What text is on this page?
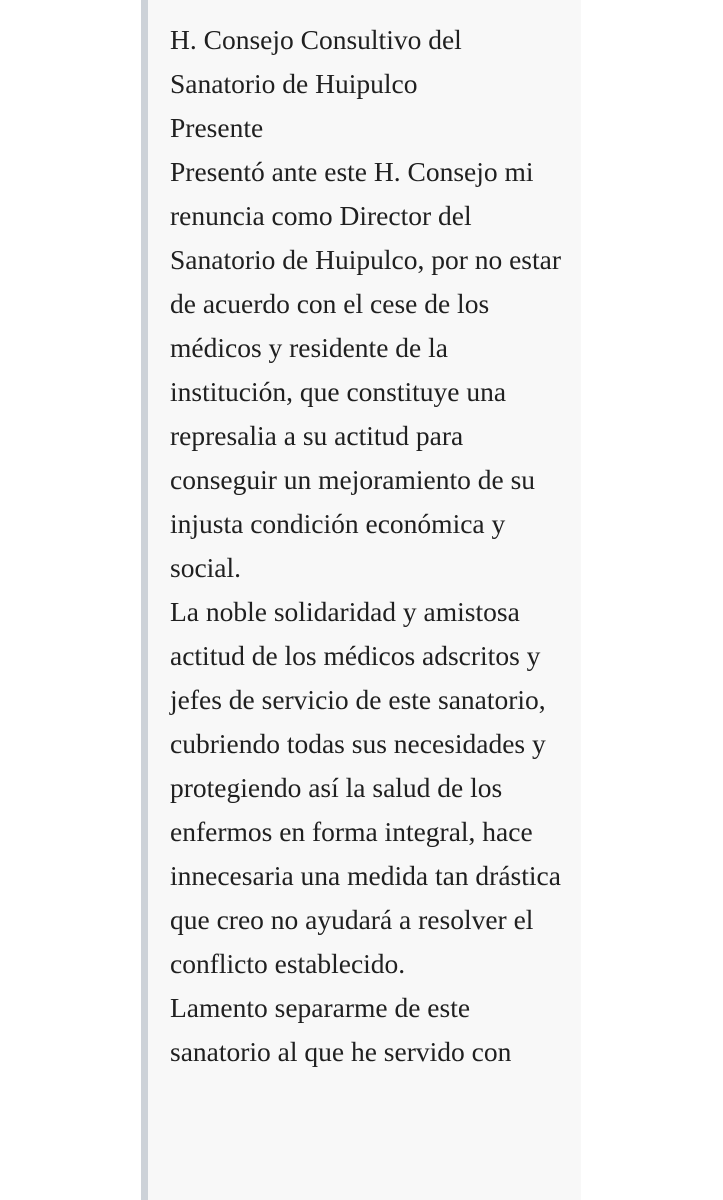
H. Consejo Consultivo del Sanatorio de Huipulco

Presente

Presentó ante este H. Consejo mi renuncia como Director del Sanatorio de Huipulco, por no estar de acuerdo con el cese de los médicos y residente de la institución, que constituye una represalia a su actitud para conseguir un mejoramiento de su injusta condición económica y social.

La noble solidaridad y amistosa actitud de los médicos adscritos y jefes de servicio de este sanatorio, cubriendo todas sus necesidades y protegiendo así la salud de los enfermos en forma integral, hace innecesaria una medida tan drástica que creo no ayudará a resolver el conflicto establecido.

Lamento separarme de este sanatorio al que he servido con
